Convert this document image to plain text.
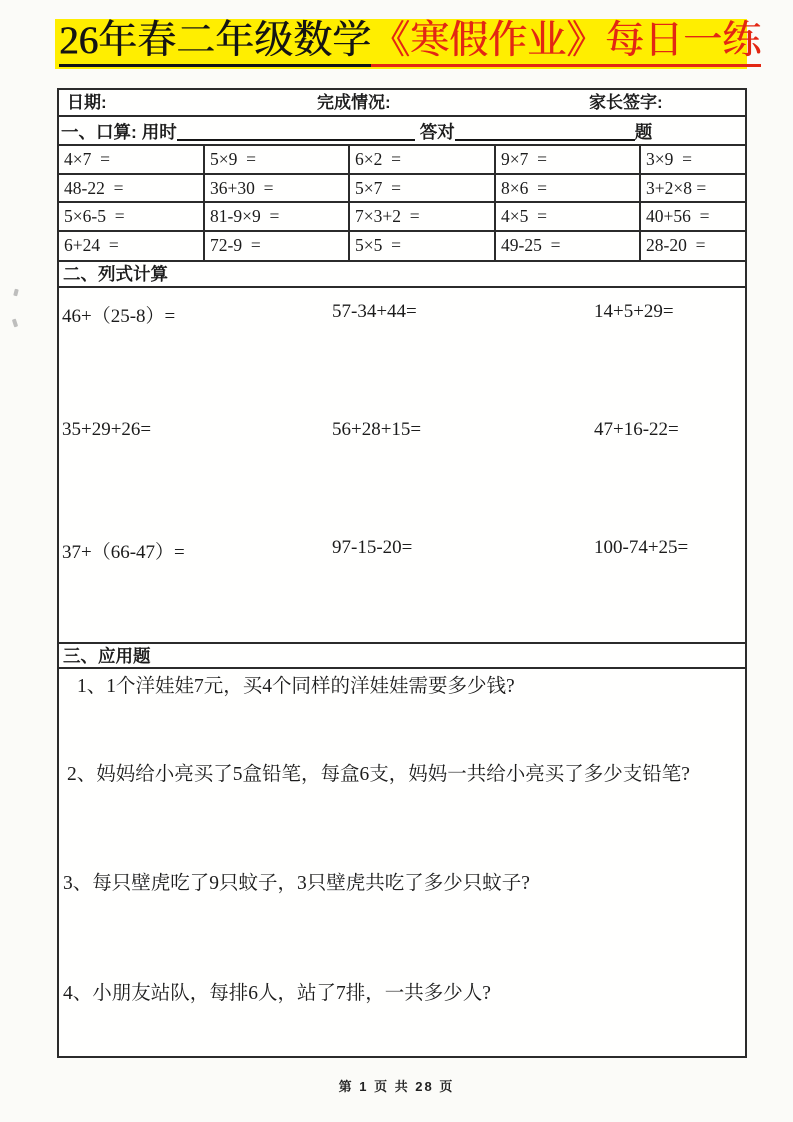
26年春二年级数学 《寒假作业》每日一练
日期:	完成情况:	家长签字:
一、口算: 用时	答对	题
4×7  =	5×9  =	6×2  =	9×7  =	3×9  =
48-22  =	36+30  =	5×7  =	8×6  =	3+2×8 =
5×6-5  =	81-9×9  =	7×3+2  =	4×5  =	40+56  =
6+24  =	72-9  =	5×5  =	49-25  =	28-20  =
二、列式计算
46+（25-8）=	57-34+44=	14+5+29=
35+29+26=	56+28+15=	47+16-22=
37+（66-47）=	97-15-20=	100-74+25=
三、应用题
1、1个洋娃娃7元，买4个同样的洋娃娃需要多少钱?
2、妈妈给小亮买了5盒铅笔，每盒6支，妈妈一共给小亮买了多少支铅笔?
3、每只壁虎吃了9只蚊子，3只壁虎共吃了多少只蚊子?
4、小朋友站队，每排6人，站了7排，一共多少人?
第 1 页 共 28 页
